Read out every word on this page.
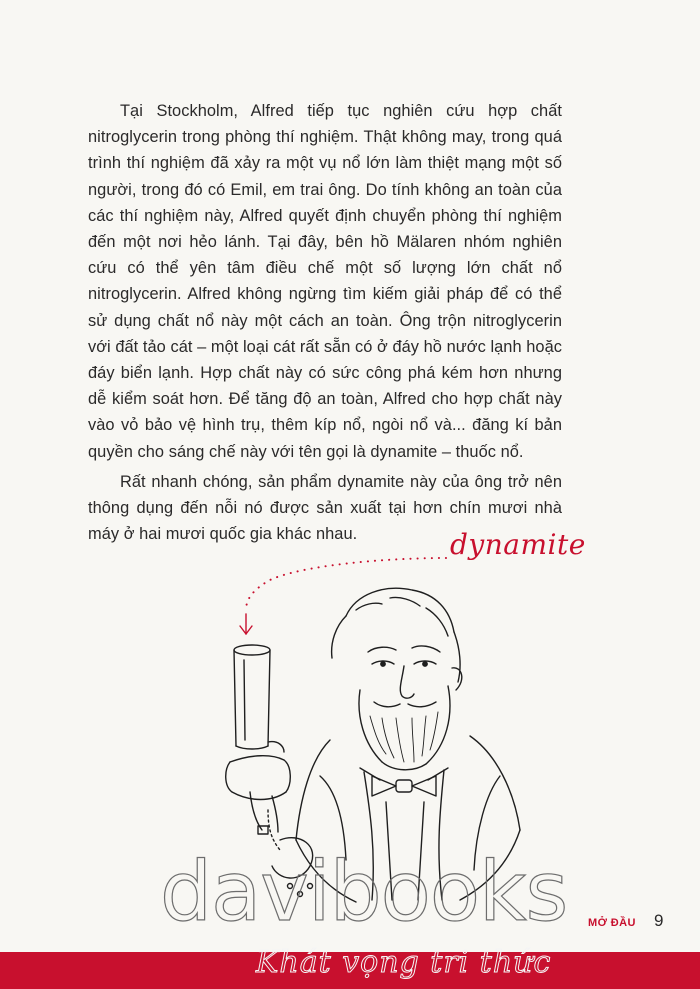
Tại Stockholm, Alfred tiếp tục nghiên cứu hợp chất nitroglycerin trong phòng thí nghiệm. Thật không may, trong quá trình thí nghiệm đã xảy ra một vụ nổ lớn làm thiệt mạng một số người, trong đó có Emil, em trai ông. Do tính không an toàn của các thí nghiệm này, Alfred quyết định chuyển phòng thí nghiệm đến một nơi hẻo lánh. Tại đây, bên hồ Mälaren nhóm nghiên cứu có thể yên tâm điều chế một số lượng lớn chất nổ nitroglycerin. Alfred không ngừng tìm kiếm giải pháp để có thể sử dụng chất nổ này một cách an toàn. Ông trộn nitroglycerin với đất tảo cát – một loại cát rất sẵn có ở đáy hồ nước lạnh hoặc đáy biển lạnh. Hợp chất này có sức công phá kém hơn nhưng dễ kiểm soát hơn. Để tăng độ an toàn, Alfred cho hợp chất này vào vỏ bảo vệ hình trụ, thêm kíp nổ, ngòi nổ và... đăng kí bản quyền cho sáng chế này với tên gọi là dynamite – thuốc nổ.

Rất nhanh chóng, sản phẩm dynamite này của ông trở nên thông dụng đến nỗi nó được sản xuất tại hơn chín mươi nhà máy ở hai mươi quốc gia khác nhau.	dynamite
davibooks MỞ ĐẦU 9
Khát vọng tri thức
